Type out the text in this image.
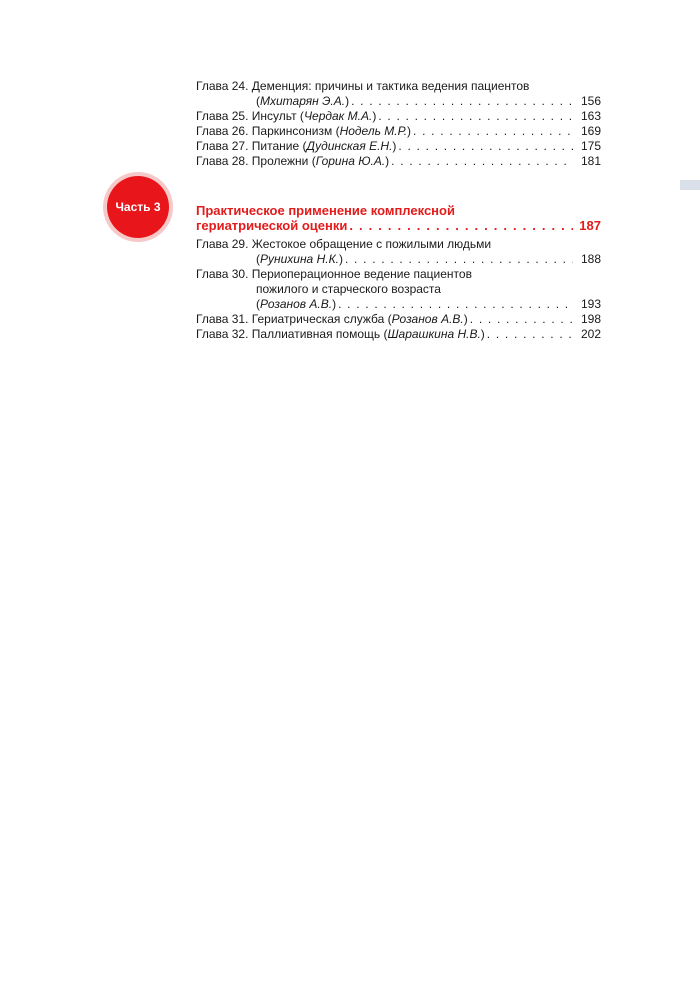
Глава 24. Деменция: причины и тактика ведения пациентов
(Мхитарян Э.А.) . . .	156
Глава 25. Инсульт (Чердак М.А.) . . .	163
Глава 26. Паркинсонизм (Нодель М.Р.) . . .	169
Глава 27. Питание (Дудинская Е.Н.) . . .	175
Глава 28. Пролежни (Горина Ю.А.) . . .	181
Часть 3	Практическое применение комплексной
гериатрической оценки . . .	187
Глава 29. Жестокое обращение с пожилыми людьми
(Рунихина Н.К.) . . .	188
Глава 30. Периоперационное ведение пациентов
пожилого и старческого возраста
(Розанов А.В.) . . .	193
Глава 31. Гериатрическая служба (Розанов А.В.) . . .	198
Глава 32. Паллиативная помощь (Шарашкина Н.В.) . . .	202
